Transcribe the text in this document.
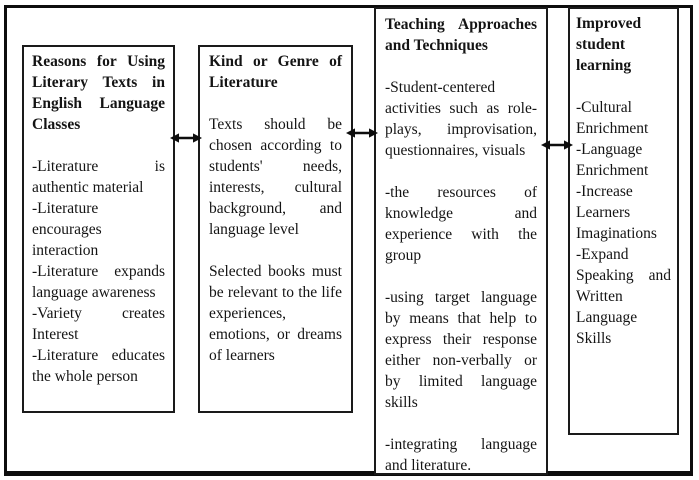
Reasons for Using Literary Texts in English Language Classes
-Literature is authentic material
-Literature encourages interaction
-Literature expands language awareness
-Variety creates Interest
-Literature educates the whole person
Kind or Genre of Literature
Texts should be chosen according to students' needs, interests, cultural background, and language level
Selected books must be relevant to the life experiences, emotions, or dreams of learners
Teaching Approaches and Techniques
-Student-centered activities such as role-plays, improvisation, questionnaires, visuals
-the resources of knowledge and experience with the group
-using target language by means that help to express their response either non-verbally or by limited language skills
-integrating language and literature.
Improved student learning
-Cultural Enrichment
-Language Enrichment
-Increase Learners Imaginations
-Expand Speaking and Written Language Skills
